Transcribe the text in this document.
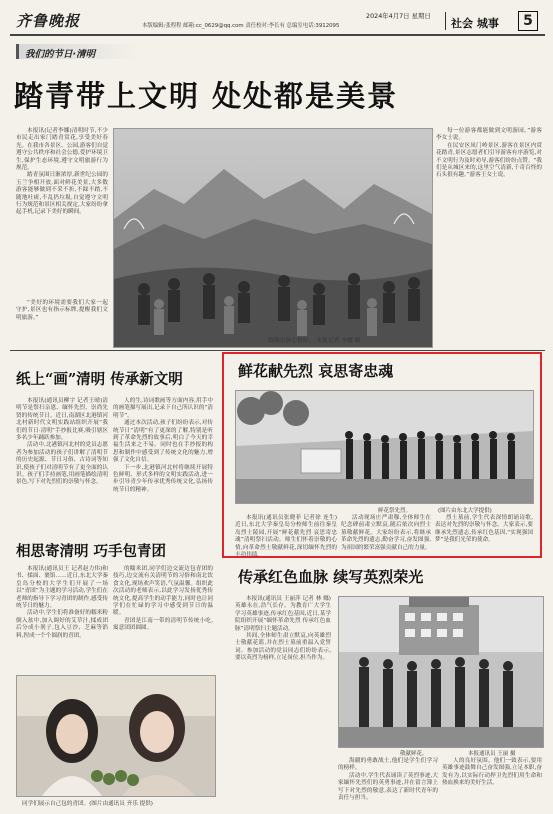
齐鲁晚报	2024年4月7日 星期日
本版编辑:张程程 邮箱:cc_0629@qq.com 责任校对:李长有 总编室电话:3912095	社会 城事	5
我们的节日·清明
踏青带上文明 处处都是美景

本报讯(记者李娜)清明时节,不少市民走出家门踏青赏花,享受美好春光。在我市各景区、公园,游客们自觉遵守公共秩序和社会公德,爱护环境卫生,保护生态环境,遵守文明旅游行为规范。

踏青氛围日渐浓厚,新世纪公园的玉兰争相开放,面对鲜花美景,大多数游客能够做到不采不折,不踩不踏,不随地吐痰,不乱扔垃圾,自觉遵守文明行为规范和景区相关规定,大家纷纷拿起手机,记录下美好的瞬间。

“美好的环境需要我们大家一起守护,景区也有指示标牌,提醒我们文明旅游。”

假期出游心情好。 本报记者 李娜 摄

每一位游客都能做到文明游园。”游客李女士说。

在民安区凤门岭景区,游客在景区内赏花踏青,景区志愿者们引导游客有序游览,对不文明行为及时劝导,游客们纷纷点赞。“我们是从城区来的,这里空气清新,千奇百怪的石头很有趣。”游客王女士说。

纸上“画”清明 传承新文明

本报讯(通讯员柳宇 记者王晴)清明节是祭扫亲恩、缅怀先烈、崇尚先贤的传统节日。近日,南湖区北港镇河北村新时代文明实践站组织开展“我们的节日·清明”手抄报比赛,吸引辖区多名少年踊跃参加。

活动中,北港镇河北村的党员志愿者为参加活动的孩子们讲解了清明节的历史起源、节日习俗、古诗词等知识,使孩子们对清明节有了更全面的认识。孩子们手持画笔,用画笔描绘清明景色,写下对先烈们的崇敬与怀念。

人的生,诗词歌画等方面内容,用手中的画笔描写展出,记录下自己所认识的“清明节”。

通过本次活动,孩子们纷纷表示,对传统节日“清明”有了更深的了解,特别是听到了革命先烈的故事后,明白了今天的幸福生活来之不易。同时也在手抄报的构思和制作中感受到了传统文化的魅力,增强了文化自信。

下一步,北港镇河北村将继续开展特色鲜明、形式多样的文明实践活动,进一步引导青少年传承优秀传统文化,弘扬传统节日的精神。

相思寄清明 巧手包青团

本报讯(通讯员王 记者赵力伟)和书、揉面、裹馅……近日,东北大学秦皇岛分校的大学生们开展了一场以“青团”为主题的学习活动,学生们在老师的指导下学习青团的制作,感受传统节日的魅力。

活动中,学生们将准备好的糯米粉倒入盆中,加入调好的艾草汁,揉成团后分成小剂子,包入豆沙、芝麻等馅料,捏成一个个圆润的青团。

的糯米团,同学们边交流边包青团的技巧,边交流有关清明节的习俗和南北饮食文化,现场欢声笑语,气氛温馨。组织此次活动的老师表示,以此学习发扬优秀传统文化,提高学生的动手能力,同时也让同学们在忙碌的学习中感受到节日的温暖。

青团是江南一带的清明节传统小吃,寓意团团圆圆。

同学们展示自己包的青团。(图片由通讯员 齐乐 提供)
鲜花献先烈 哀思寄忠魂
鲜花祭先烈。	(图片由东北大学提供)

本报讯(通讯员张晓菲 记者徐 连生)近日,东北大学秦皇岛分校师生前往秦皇岛烈士陵园,开展“鲜花献先烈 哀思寄忠魂”清明祭扫活动。师生们怀着崇敬的心情,向革命烈士敬献鲜花,深切缅怀先烈的丰功伟绩。

活动现场庄严肃穆,全体师生在纪念碑前肃立默哀,随后依次向烈士墓敬献鲜花。大家纷纷表示,将继承革命先烈的遗志,勤奋学习,奋发图强,为祖国的繁荣富强贡献自己的力量。

烈士墓前,学生代表深情朗诵诗歌,表达对先烈的崇敬与怀念。大家表示,要继承先烈遗志,传承红色基因,“实现强国梦”是我们光荣的使命。

传承红色血脉 续写英烈荣光

本报讯(通讯员 王丽萍 记者 林 娜)英雄永在,浩气长存。为教育广大学生学习英雄事迹,传承红色基因,近日,某学院组织开展“缅怀革命先烈 传承红色血脉”清明祭扫主题活动。

其间,全体师生肃立默哀,向英雄烈士敬献花篮,并在烈士墓前重温入党誓词。参加活动的党员同志们纷纷表示,要以英烈为榜样,立足岗位,担当作为。

敬献鲜花。	本报通讯员 王丽 摄

海疆的勇敢战士,他们是学生们学习的榜样。

活动中,学生代表诵读了英烈事迹,大家缅怀先烈们的英勇事迹,并在留言簿上写下对先烈的敬意,表达了新时代青年的责任与担当。

人的良好氛围。他们一致表示,要用英雄事迹鼓舞自己奋发图强,立足本职,奋发有为,以实际行动捍卫先烈们用生命和热血换来的美好生活。
